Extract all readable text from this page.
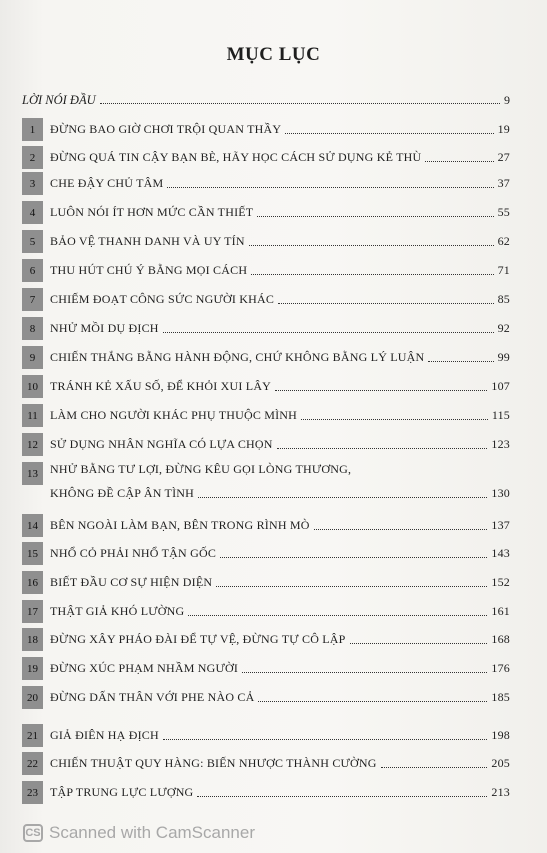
MỤC LỤC
LỜI NÓI ĐẦU	9
1	ĐỪNG BAO GIỜ CHƠI TRỘI QUAN THẦY	19
2	ĐỪNG QUÁ TIN CẬY BẠN BÈ, HÃY HỌC CÁCH SỬ DỤNG KẺ THÙ	27
3	CHE ĐẬY CHỦ TÂM	37
4	LUÔN NÓI ÍT HƠN MỨC CẦN THIẾT	55
5	BẢO VỆ THANH DANH VÀ UY TÍN	62
6	THU HÚT CHÚ Ý BẰNG MỌI CÁCH	71
7	CHIẾM ĐOẠT CÔNG SỨC NGƯỜI KHÁC	85
8	NHỬ MỒI DỤ ĐỊCH	92
9	CHIẾN THẮNG BẰNG HÀNH ĐỘNG, CHỨ KHÔNG BẰNG LÝ LUẬN	99
10	TRÁNH KẺ XẤU SỐ, ĐỂ KHỎI XUI LÂY	107
11	LÀM CHO NGƯỜI KHÁC PHỤ THUỘC MÌNH	115
12	SỬ DỤNG NHÂN NGHĨA CÓ LỰA CHỌN	123
13	NHỬ BẰNG TƯ LỢI, ĐỪNG KÊU GỌI LÒNG THƯƠNG,
KHÔNG ĐỀ CẬP ÂN TÌNH	130
14	BÊN NGOÀI LÀM BẠN, BÊN TRONG RÌNH MÒ	137
15	NHỔ CỎ PHẢI NHỔ TẬN GỐC	143
16	BIẾT ĐẦU CƠ SỰ HIỆN DIỆN	152
17	THẬT GIẢ KHÓ LƯỜNG	161
18	ĐỪNG XÂY PHÁO ĐÀI ĐỂ TỰ VỆ, ĐỪNG TỰ CÔ LẬP	168
19	ĐỪNG XÚC PHẠM NHẦM NGƯỜI	176
20	ĐỪNG DẤN THÂN VỚI PHE NÀO CẢ	185
21	GIẢ ĐIÊN HẠ ĐỊCH	198
22	CHIẾN THUẬT QUY HÀNG: BIẾN NHƯỢC THÀNH CƯỜNG	205
23	TẬP TRUNG LỰC LƯỢNG	213
CS Scanned with CamScanner
